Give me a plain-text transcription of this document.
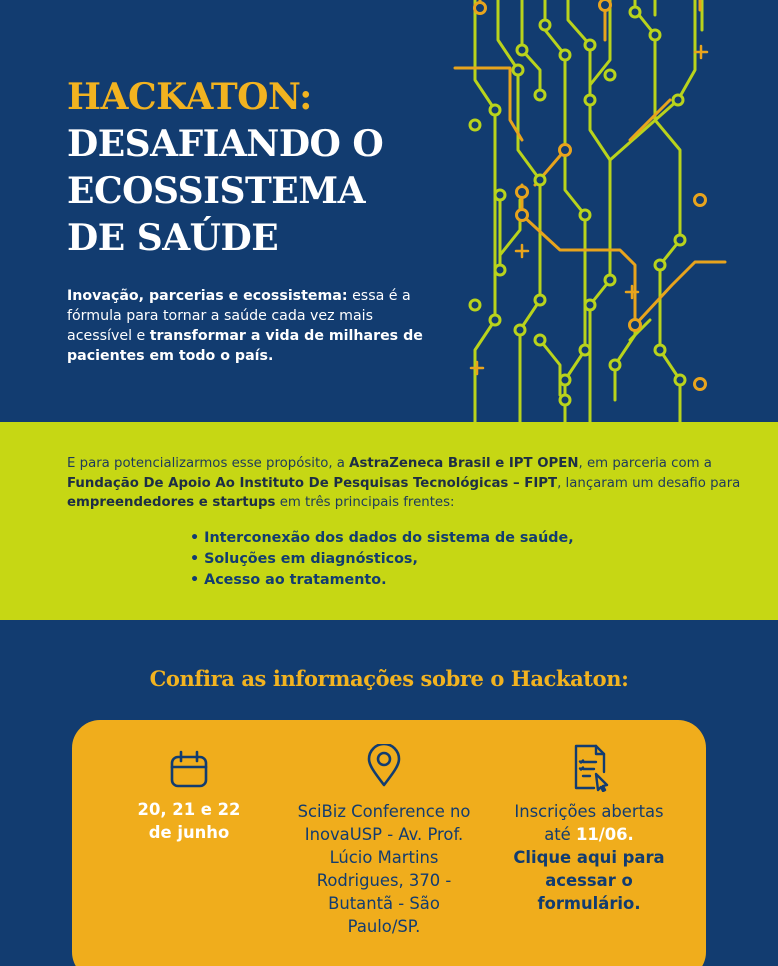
HACKATON:
DESAFIANDO O
ECOSSISTEMA
DE SAÚDE

Inovação, parcerias e ecossistema: essa é a fórmula para tornar a saúde cada vez mais acessível e transformar a vida de milhares de pacientes em todo o país.

E para potencializarmos esse propósito, a AstraZeneca Brasil e IPT OPEN, em parceria com a Fundação De Apoio Ao Instituto De Pesquisas Tecnológicas – FIPT, lançaram um desafio para empreendedores e startups em três principais frentes:

• Interconexão dos dados do sistema de saúde,
• Soluções em diagnósticos,
• Acesso ao tratamento.
Confira as informações sobre o Hackaton:
20, 21 e 22
de junho
SciBiz Conference no InovaUSP - Av. Prof. Lúcio Martins Rodrigues, 370 - Butantã - São Paulo/SP.
Inscrições abertas até 11/06.
Clique aqui para acessar o formulário.
